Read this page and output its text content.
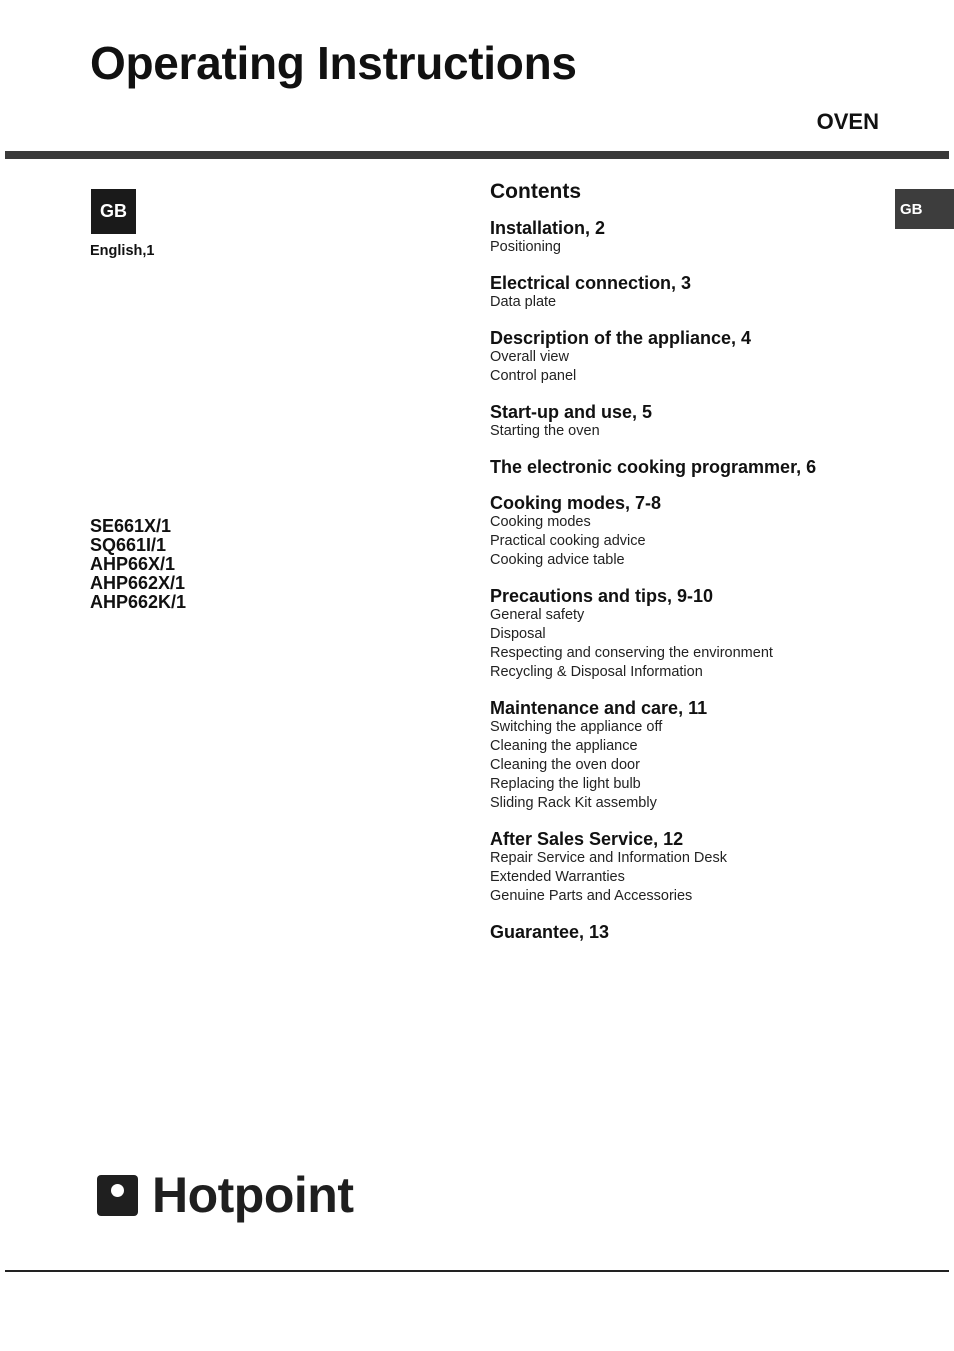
Operating Instructions
OVEN
GB
English,1
GB
SE661X/1
SQ661I/1
AHP66X/1
AHP662X/1
AHP662K/1
Contents
Installation, 2
Positioning
Electrical connection, 3
Data plate
Description of the appliance, 4
Overall view
Control panel
Start-up and use, 5
Starting the oven
The electronic cooking programmer, 6
Cooking modes, 7-8
Cooking modes
Practical cooking advice
Cooking advice table
Precautions and tips, 9-10
General safety
Disposal
Respecting and conserving the environment
Recycling & Disposal Information
Maintenance and care, 11
Switching the appliance off
Cleaning the appliance
Cleaning the oven door
Replacing the light bulb
Sliding Rack Kit assembly
After Sales Service, 12
Repair Service and Information Desk
Extended Warranties
Genuine Parts and Accessories
Guarantee, 13
Hotpoint
